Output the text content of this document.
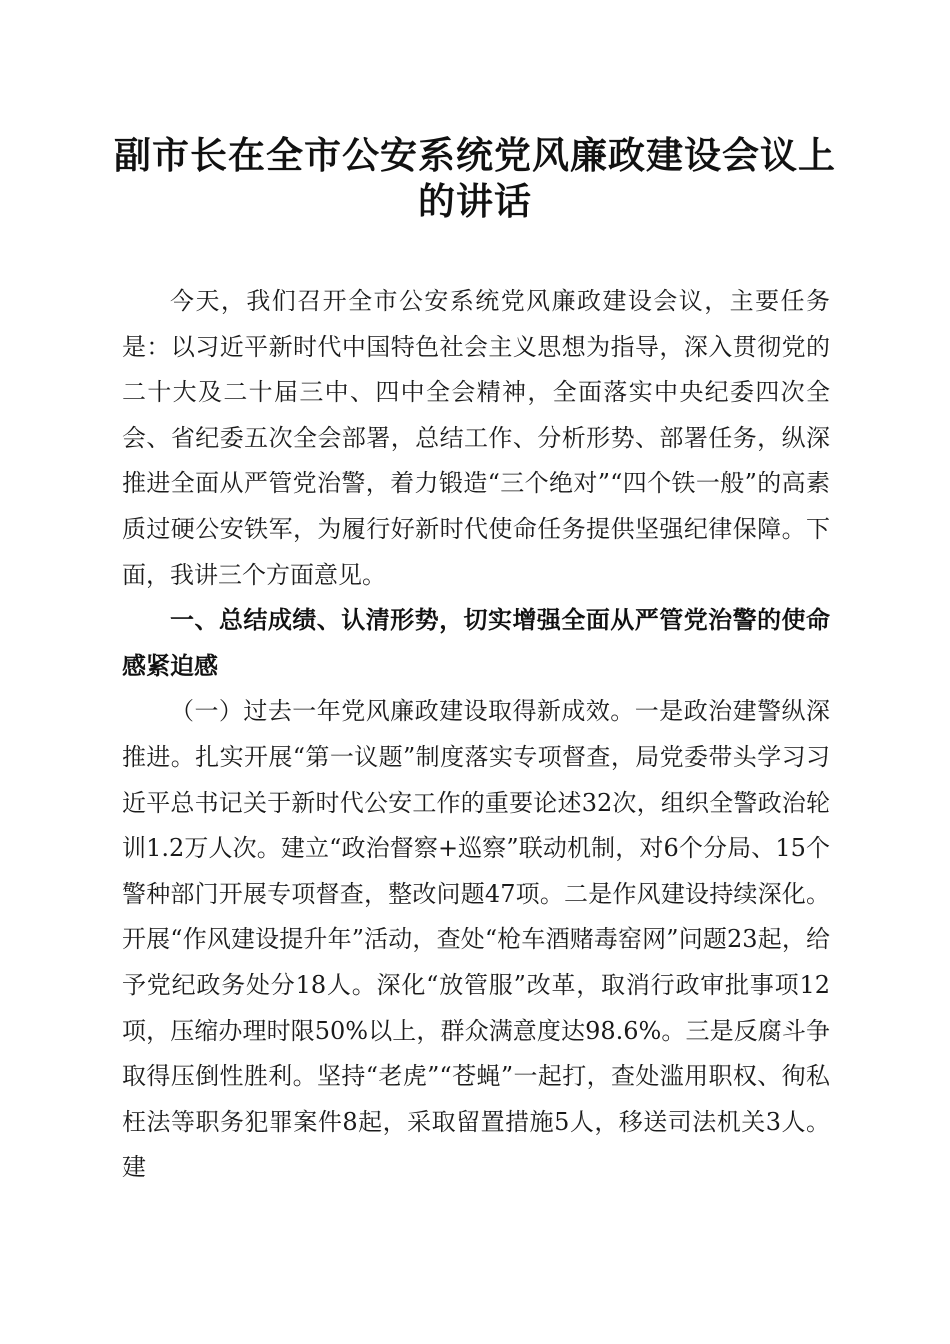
副市长在全市公安系统党风廉政建设会议上的讲话

今天，我们召开全市公安系统党风廉政建设会议，主要任务是：以习近平新时代中国特色社会主义思想为指导，深入贯彻党的二十大及二十届三中、四中全会精神，全面落实中央纪委四次全会、省纪委五次全会部署，总结工作、分析形势、部署任务，纵深推进全面从严管党治警，着力锻造“三个绝对”“四个铁一般”的高素质过硬公安铁军，为履行好新时代使命任务提供坚强纪律保障。下面，我讲三个方面意见。

一、总结成绩、认清形势，切实增强全面从严管党治警的使命感紧迫感

（一）过去一年党风廉政建设取得新成效。一是政治建警纵深推进。扎实开展“第一议题”制度落实专项督查，局党委带头学习习近平总书记关于新时代公安工作的重要论述32次，组织全警政治轮训1.2万人次。建立“政治督察+巡察”联动机制，对6个分局、15个警种部门开展专项督查，整改问题47项。二是作风建设持续深化。开展“作风建设提升年”活动，查处“枪车酒赌毒窑网”问题23起，给予党纪政务处分18人。深化“放管服”改革，取消行政审批事项12项，压缩办理时限50%以上，群众满意度达98.6%。三是反腐斗争取得压倒性胜利。坚持“老虎”“苍蝇”一起打，查处滥用职权、徇私枉法等职务犯罪案件8起，采取留置措施5人，移送司法机关3人。建
